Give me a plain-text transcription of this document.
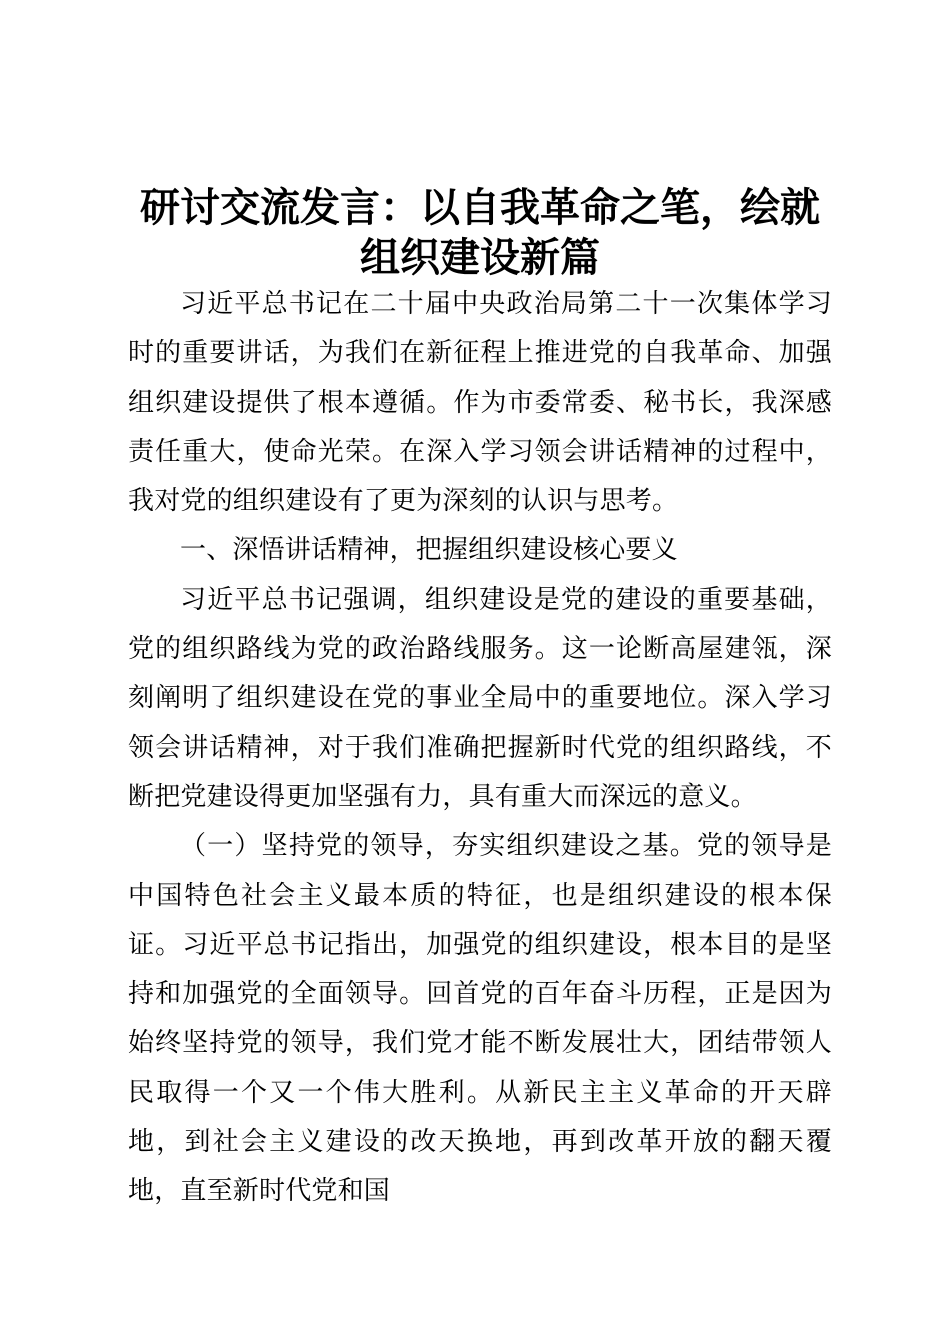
研讨交流发言：以自我革命之笔，绘就
组织建设新篇

习近平总书记在二十届中央政治局第二十一次集体学习时的重要讲话，为我们在新征程上推进党的自我革命、加强组织建设提供了根本遵循。作为市委常委、秘书长，我深感责任重大，使命光荣。在深入学习领会讲话精神的过程中，我对党的组织建设有了更为深刻的认识与思考。

一、深悟讲话精神，把握组织建设核心要义

习近平总书记强调，组织建设是党的建设的重要基础，党的组织路线为党的政治路线服务。这一论断高屋建瓴，深刻阐明了组织建设在党的事业全局中的重要地位。深入学习领会讲话精神，对于我们准确把握新时代党的组织路线，不断把党建设得更加坚强有力，具有重大而深远的意义。

（一）坚持党的领导，夯实组织建设之基。党的领导是中国特色社会主义最本质的特征，也是组织建设的根本保证。习近平总书记指出，加强党的组织建设，根本目的是坚持和加强党的全面领导。回首党的百年奋斗历程，正是因为始终坚持党的领导，我们党才能不断发展壮大，团结带领人民取得一个又一个伟大胜利。从新民主主义革命的开天辟地，到社会主义建设的改天换地，再到改革开放的翻天覆地，直至新时代党和国
